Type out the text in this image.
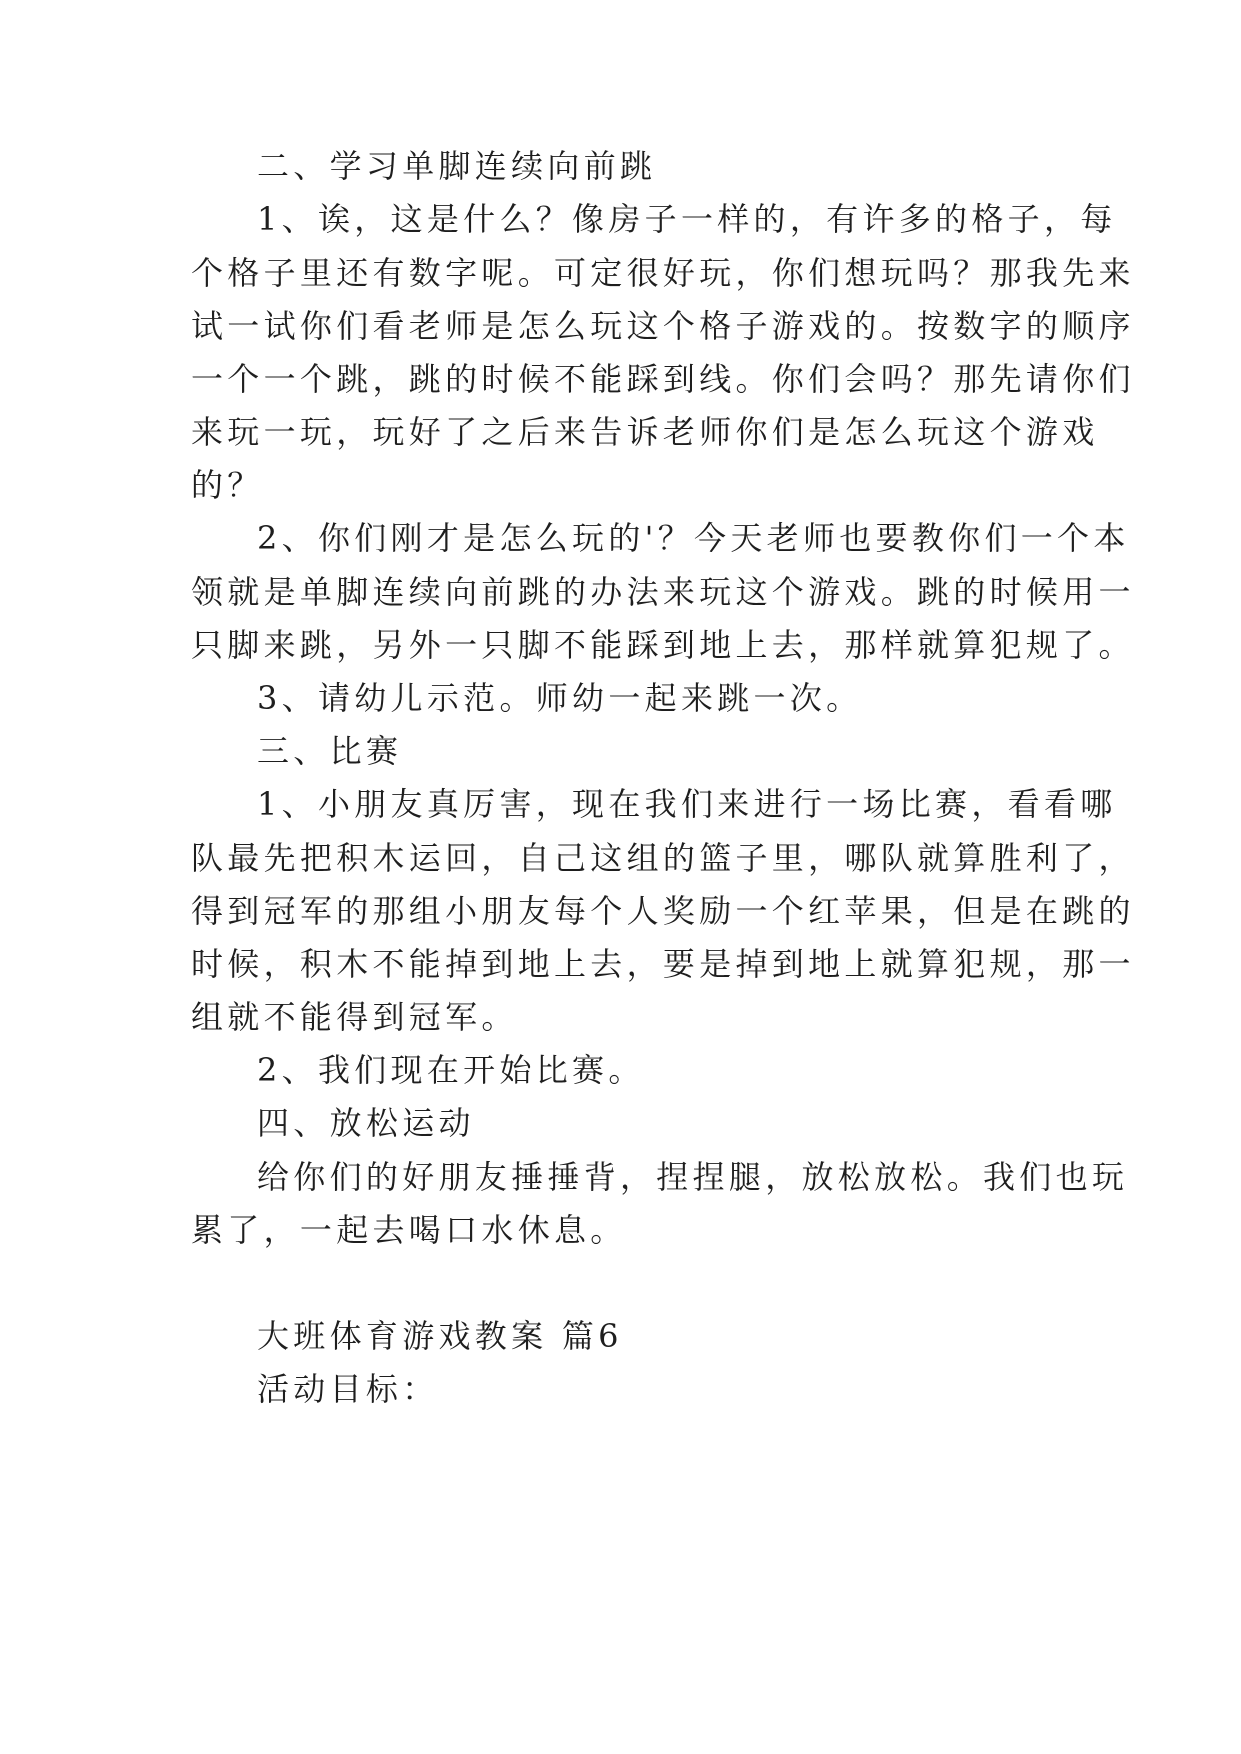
二、学习单脚连续向前跳
1、诶，这是什么？像房子一样的，有许多的格子，每
个格子里还有数字呢。可定很好玩，你们想玩吗？那我先来
试一试你们看老师是怎么玩这个格子游戏的。按数字的顺序
一个一个跳，跳的时候不能踩到线。你们会吗？那先请你们
来玩一玩，玩好了之后来告诉老师你们是怎么玩这个游戏
的？
2、你们刚才是怎么玩的'？今天老师也要教你们一个本
领就是单脚连续向前跳的办法来玩这个游戏。跳的时候用一
只脚来跳，另外一只脚不能踩到地上去，那样就算犯规了。
3、请幼儿示范。师幼一起来跳一次。
三、比赛
1、小朋友真厉害，现在我们来进行一场比赛，看看哪
队最先把积木运回，自己这组的篮子里，哪队就算胜利了，
得到冠军的那组小朋友每个人奖励一个红苹果，但是在跳的
时候，积木不能掉到地上去，要是掉到地上就算犯规，那一
组就不能得到冠军。
2、我们现在开始比赛。
四、放松运动
给你们的好朋友捶捶背，捏捏腿，放松放松。我们也玩
累了，一起去喝口水休息。
大班体育游戏教案 篇6
活动目标：
